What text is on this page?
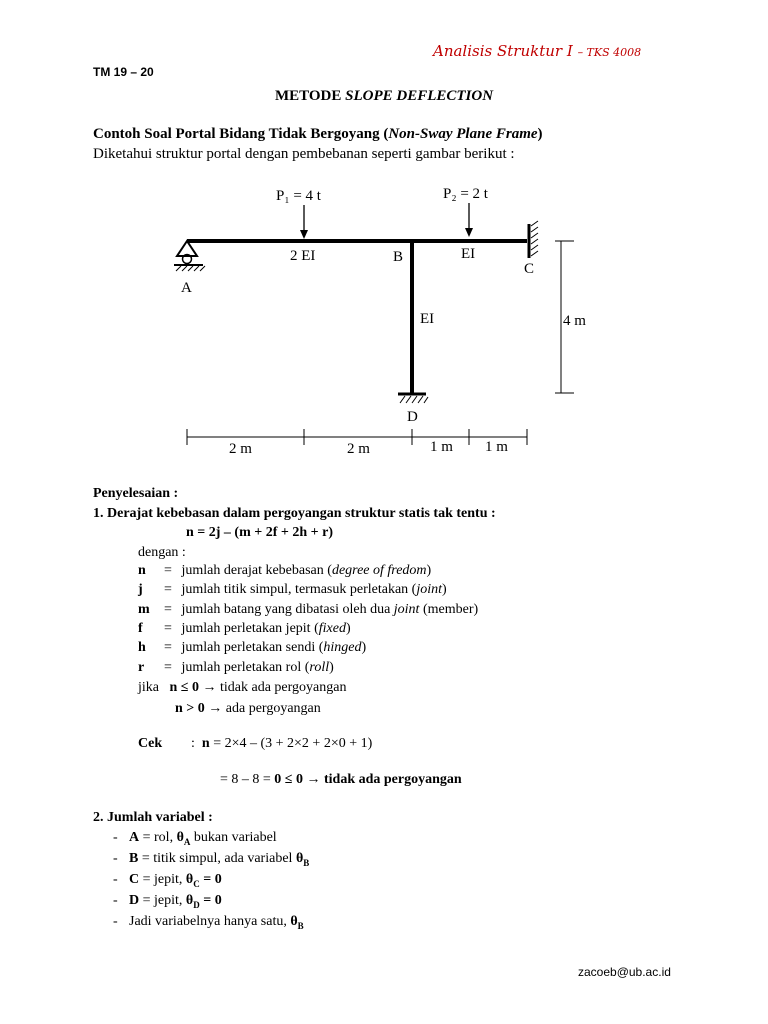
Analisis Struktur I – TKS 4008
TM 19 – 20
METODE SLOPE DEFLECTION
Contoh Soal Portal Bidang Tidak Bergoyang (Non-Sway Plane Frame)
Diketahui struktur portal dengan pembebanan seperti gambar berikut :
P₁ = 4 t	P₂ = 2 t
2 EI	EI
EI
A
B
C
D
4 m
2 m	2 m	1 m 1 m
Penyelesaian :
1. Derajat kebebasan dalam pergoyangan struktur statis tak tentu :
n = 2j – (m + 2f + 2h + r)
dengan :
n = jumlah derajat kebebasan (degree of fredom)
j = jumlah titik simpul, termasuk perletakan (joint)
m = jumlah batang yang dibatasi oleh dua joint (member)
f = jumlah perletakan jepit (fixed)
h = jumlah perletakan sendi (hinged)
r = jumlah perletakan rol (roll)
jika n ≤ 0 → tidak ada pergoyangan
n > 0 → ada pergoyangan
Cek : n = 2×4 – (3 + 2×2 + 2×0 + 1)
= 8 – 8 = 0 ≤ 0 → tidak ada pergoyangan
2. Jumlah variabel :
- A = rol, $\theta_A$ bukan variabel
- B = titik simpul, ada variabel $\theta_B$
- C = jepit, $\theta_C = 0$
- D = jepit, $\theta_D = 0$
- Jadi variabelnya hanya satu, $\theta_B$
zacoeb@ub.ac.id
